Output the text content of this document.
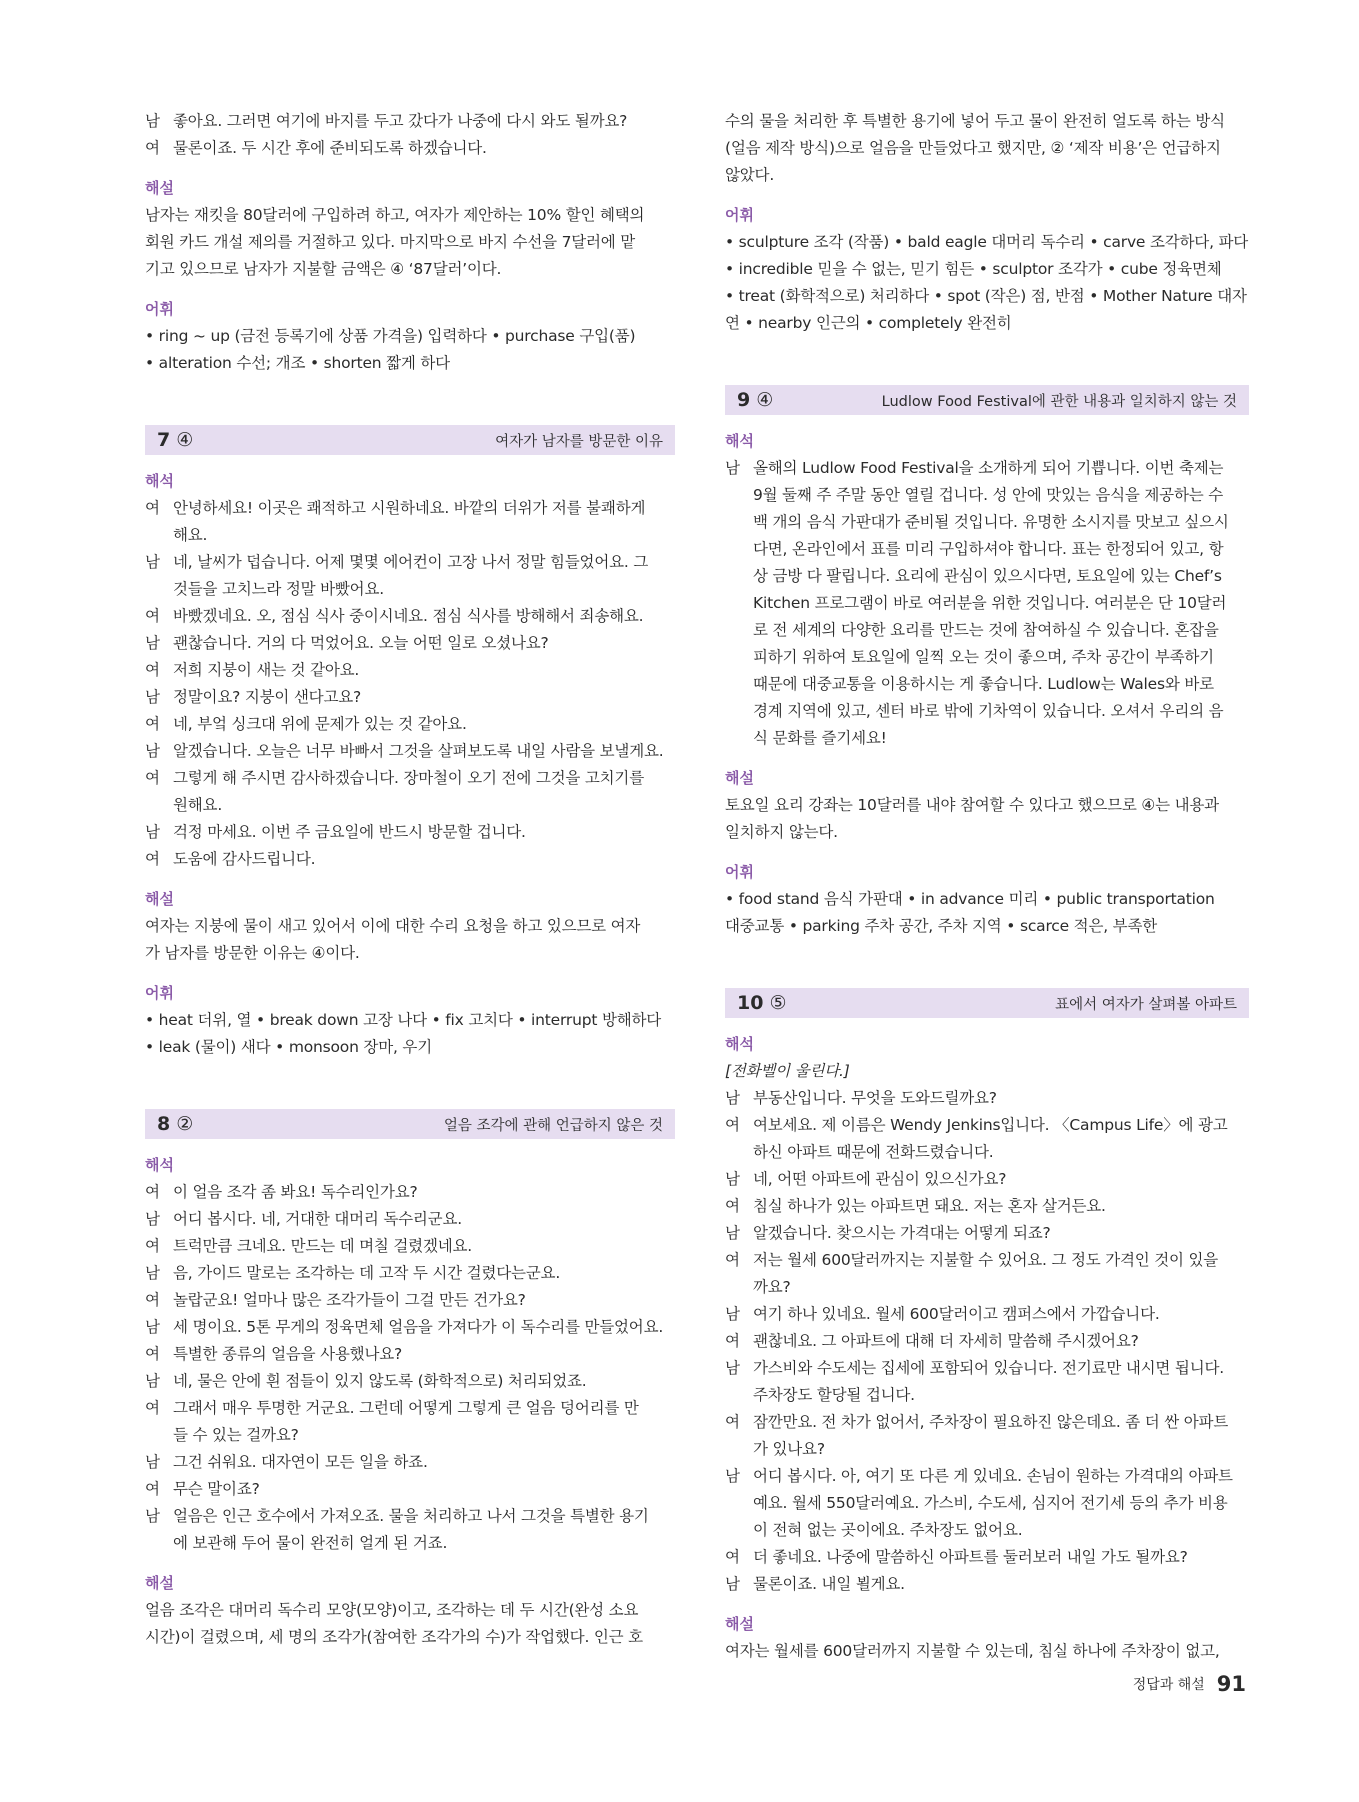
남 좋아요. 그러면 여기에 바지를 두고 갔다가 나중에 다시 와도 될까요?
여 물론이죠. 두 시간 후에 준비되도록 하겠습니다.
해설
남자는 재킷을 80달러에 구입하려 하고, 여자가 제안하는 10% 할인 혜택의
회원 카드 개설 제의를 거절하고 있다. 마지막으로 바지 수선을 7달러에 맡
기고 있으므로 남자가 지불할 금액은 ④ ‘87달러’이다.
어휘
• ring ~ up (금전 등록기에 상품 가격을) 입력하다 • purchase 구입(품)
• alteration 수선; 개조 • shorten 짧게 하다
7 ④	여자가 남자를 방문한 이유
해석
여 안녕하세요! 이곳은 쾌적하고 시원하네요. 바깥의 더위가 저를 불쾌하게
해요.
남 네, 날씨가 덥습니다. 어제 몇몇 에어컨이 고장 나서 정말 힘들었어요. 그
것들을 고치느라 정말 바빴어요.
여 바빴겠네요. 오, 점심 식사 중이시네요. 점심 식사를 방해해서 죄송해요.
남 괜찮습니다. 거의 다 먹었어요. 오늘 어떤 일로 오셨나요?
여 저희 지붕이 새는 것 같아요.
남 정말이요? 지붕이 샌다고요?
여 네, 부엌 싱크대 위에 문제가 있는 것 같아요.
남 알겠습니다. 오늘은 너무 바빠서 그것을 살펴보도록 내일 사람을 보낼게요.
여 그렇게 해 주시면 감사하겠습니다. 장마철이 오기 전에 그것을 고치기를
원해요.
남 걱정 마세요. 이번 주 금요일에 반드시 방문할 겁니다.
여 도움에 감사드립니다.
해설
여자는 지붕에 물이 새고 있어서 이에 대한 수리 요청을 하고 있으므로 여자
가 남자를 방문한 이유는 ④이다.
어휘
• heat 더위, 열 • break down 고장 나다 • fix 고치다 • interrupt 방해하다
• leak (물이) 새다 • monsoon 장마, 우기
8 ②	얼음 조각에 관해 언급하지 않은 것
해석
여 이 얼음 조각 좀 봐요! 독수리인가요?
남 어디 봅시다. 네, 거대한 대머리 독수리군요.
여 트럭만큼 크네요. 만드는 데 며칠 걸렸겠네요.
남 음, 가이드 말로는 조각하는 데 고작 두 시간 걸렸다는군요.
여 놀랍군요! 얼마나 많은 조각가들이 그걸 만든 건가요?
남 세 명이요. 5톤 무게의 정육면체 얼음을 가져다가 이 독수리를 만들었어요.
여 특별한 종류의 얼음을 사용했나요?
남 네, 물은 안에 흰 점들이 있지 않도록 (화학적으로) 처리되었죠.
여 그래서 매우 투명한 거군요. 그런데 어떻게 그렇게 큰 얼음 덩어리를 만
들 수 있는 걸까요?
남 그건 쉬워요. 대자연이 모든 일을 하죠.
여 무슨 말이죠?
남 얼음은 인근 호수에서 가져오죠. 물을 처리하고 나서 그것을 특별한 용기
에 보관해 두어 물이 완전히 얼게 된 거죠.
해설
얼음 조각은 대머리 독수리 모양(모양)이고, 조각하는 데 두 시간(완성 소요
시간)이 걸렸으며, 세 명의 조각가(참여한 조각가의 수)가 작업했다. 인근 호
수의 물을 처리한 후 특별한 용기에 넣어 두고 물이 완전히 얼도록 하는 방식
(얼음 제작 방식)으로 얼음을 만들었다고 했지만, ② ‘제작 비용’은 언급하지
않았다.
어휘
• sculpture 조각 (작품) • bald eagle 대머리 독수리 • carve 조각하다, 파다
• incredible 믿을 수 없는, 믿기 힘든 • sculptor 조각가 • cube 정육면체
• treat (화학적으로) 처리하다 • spot (작은) 점, 반점 • Mother Nature 대자
연 • nearby 인근의 • completely 완전히
9 ④	Ludlow Food Festival에 관한 내용과 일치하지 않는 것
해석
남 올해의 Ludlow Food Festival을 소개하게 되어 기쁩니다. 이번 축제는
9월 둘째 주 주말 동안 열릴 겁니다. 성 안에 맛있는 음식을 제공하는 수
백 개의 음식 가판대가 준비될 것입니다. 유명한 소시지를 맛보고 싶으시
다면, 온라인에서 표를 미리 구입하셔야 합니다. 표는 한정되어 있고, 항
상 금방 다 팔립니다. 요리에 관심이 있으시다면, 토요일에 있는 Chef’s
Kitchen 프로그램이 바로 여러분을 위한 것입니다. 여러분은 단 10달러
로 전 세계의 다양한 요리를 만드는 것에 참여하실 수 있습니다. 혼잡을
피하기 위하여 토요일에 일찍 오는 것이 좋으며, 주차 공간이 부족하기
때문에 대중교통을 이용하시는 게 좋습니다. Ludlow는 Wales와 바로
경계 지역에 있고, 센터 바로 밖에 기차역이 있습니다. 오셔서 우리의 음
식 문화를 즐기세요!
해설
토요일 요리 강좌는 10달러를 내야 참여할 수 있다고 했으므로 ④는 내용과
일치하지 않는다.
어휘
• food stand 음식 가판대 • in advance 미리 • public transportation
대중교통 • parking 주차 공간, 주차 지역 • scarce 적은, 부족한
10 ⑤	표에서 여자가 살펴볼 아파트
해석
[전화벨이 울린다.]
남 부동산입니다. 무엇을 도와드릴까요?
여 여보세요. 제 이름은 Wendy Jenkins입니다. 〈Campus Life〉에 광고
하신 아파트 때문에 전화드렸습니다.
남 네, 어떤 아파트에 관심이 있으신가요?
여 침실 하나가 있는 아파트면 돼요. 저는 혼자 살거든요.
남 알겠습니다. 찾으시는 가격대는 어떻게 되죠?
여 저는 월세 600달러까지는 지불할 수 있어요. 그 정도 가격인 것이 있을
까요?
남 여기 하나 있네요. 월세 600달러이고 캠퍼스에서 가깝습니다.
여 괜찮네요. 그 아파트에 대해 더 자세히 말씀해 주시겠어요?
남 가스비와 수도세는 집세에 포함되어 있습니다. 전기료만 내시면 됩니다.
주차장도 할당될 겁니다.
여 잠깐만요. 전 차가 없어서, 주차장이 필요하진 않은데요. 좀 더 싼 아파트
가 있나요?
남 어디 봅시다. 아, 여기 또 다른 게 있네요. 손님이 원하는 가격대의 아파트
예요. 월세 550달러예요. 가스비, 수도세, 심지어 전기세 등의 추가 비용
이 전혀 없는 곳이에요. 주차장도 없어요.
여 더 좋네요. 나중에 말씀하신 아파트를 둘러보러 내일 가도 될까요?
남 물론이죠. 내일 뵐게요.
해설
여자는 월세를 600달러까지 지불할 수 있는데, 침실 하나에 주차장이 없고,
정답과 해설 91
